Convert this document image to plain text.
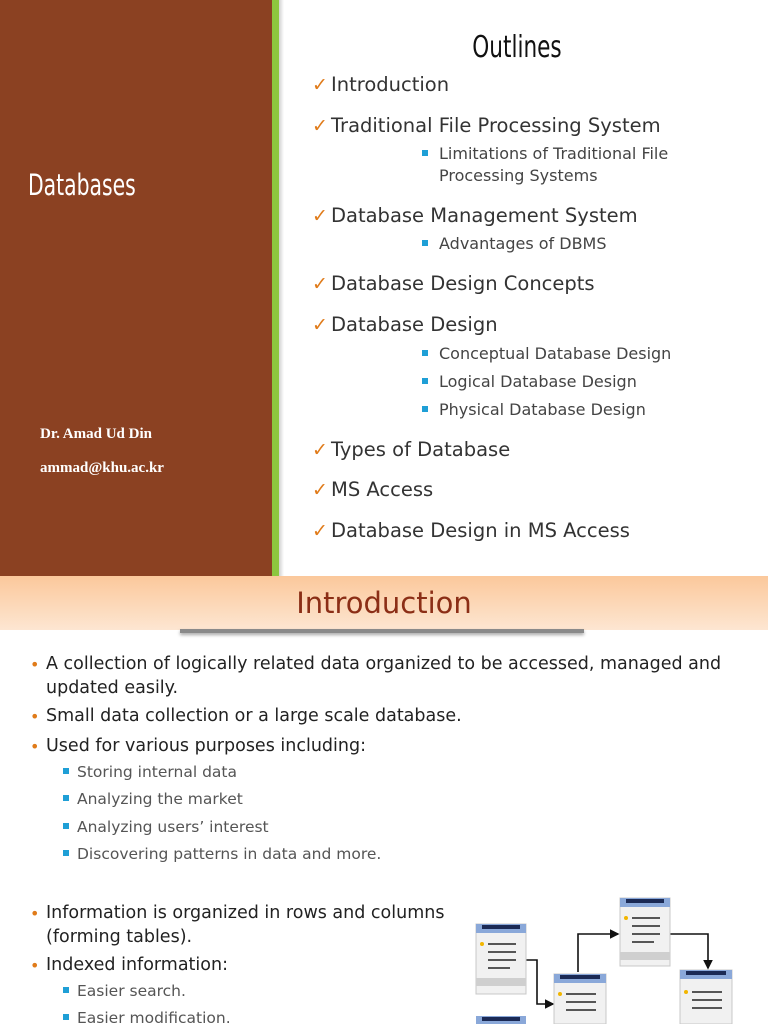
Databases
Dr. Amad Ud Din
ammad@khu.ac.kr
Outlines
✓ Introduction
✓ Traditional File Processing System
Limitations of Traditional File
Processing Systems
✓ Database Management System
Advantages of DBMS
✓ Database Design Concepts
✓ Database Design
Conceptual Database Design
Logical Database Design
Physical Database Design
✓ Types of Database
✓ MS Access
✓ Database Design in MS Access
Introduction
• A collection of logically related data organized to be accessed, managed and
updated easily.
• Small data collection or a large scale database.
• Used for various purposes including:
Storing internal data
Analyzing the market
Analyzing users’ interest
Discovering patterns in data and more.
• Information is organized in rows and columns
(forming tables).
• Indexed information:
Easier search.
Easier modification.
